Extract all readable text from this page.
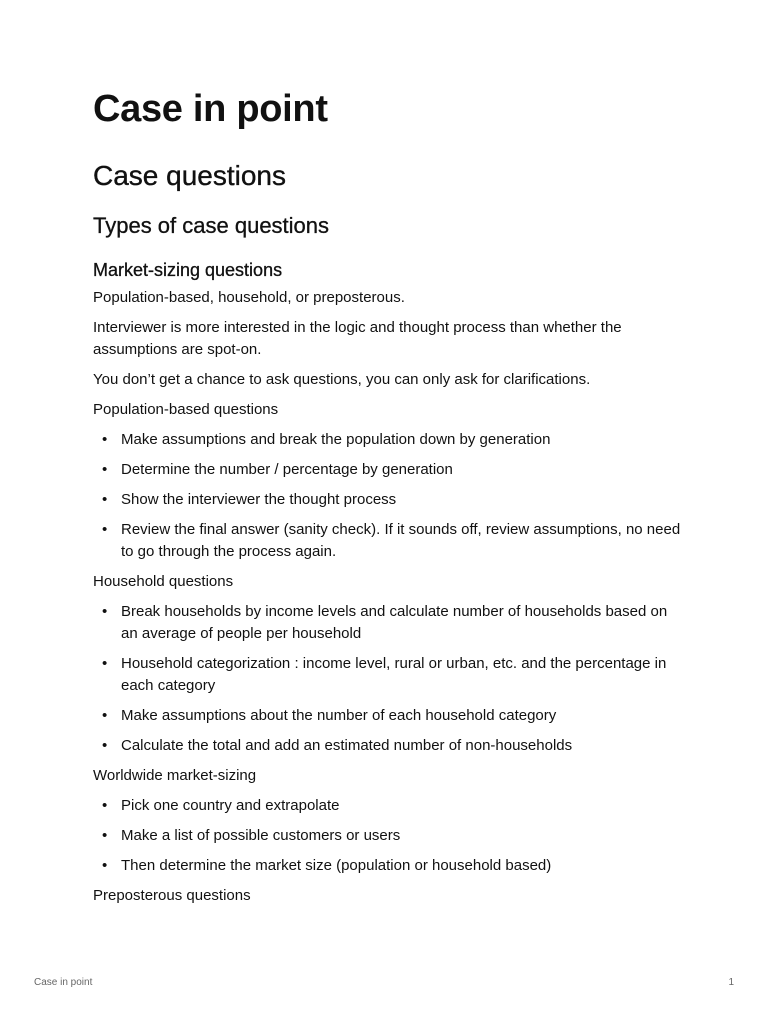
Case in point
Case questions
Types of case questions
Market-sizing questions

Population-based, household, or preposterous.

Interviewer is more interested in the logic and thought process than whether the assumptions are spot-on.

You don’t get a chance to ask questions, you can only ask for clarifications.

Population-based questions

• Make assumptions and break the population down by generation
• Determine the number / percentage by generation
• Show the interviewer the thought process
• Review the final answer (sanity check). If it sounds off, review assumptions, no need to go through the process again.

Household questions

• Break households by income levels and calculate number of households based on an average of people per household
• Household categorization : income level, rural or urban, etc. and the percentage in each category
• Make assumptions about the number of each household category
• Calculate the total and add an estimated number of non-households

Worldwide market-sizing

• Pick one country and extrapolate
• Make a list of possible customers or users
• Then determine the market size (population or household based)

Preposterous questions

Case in point	1
